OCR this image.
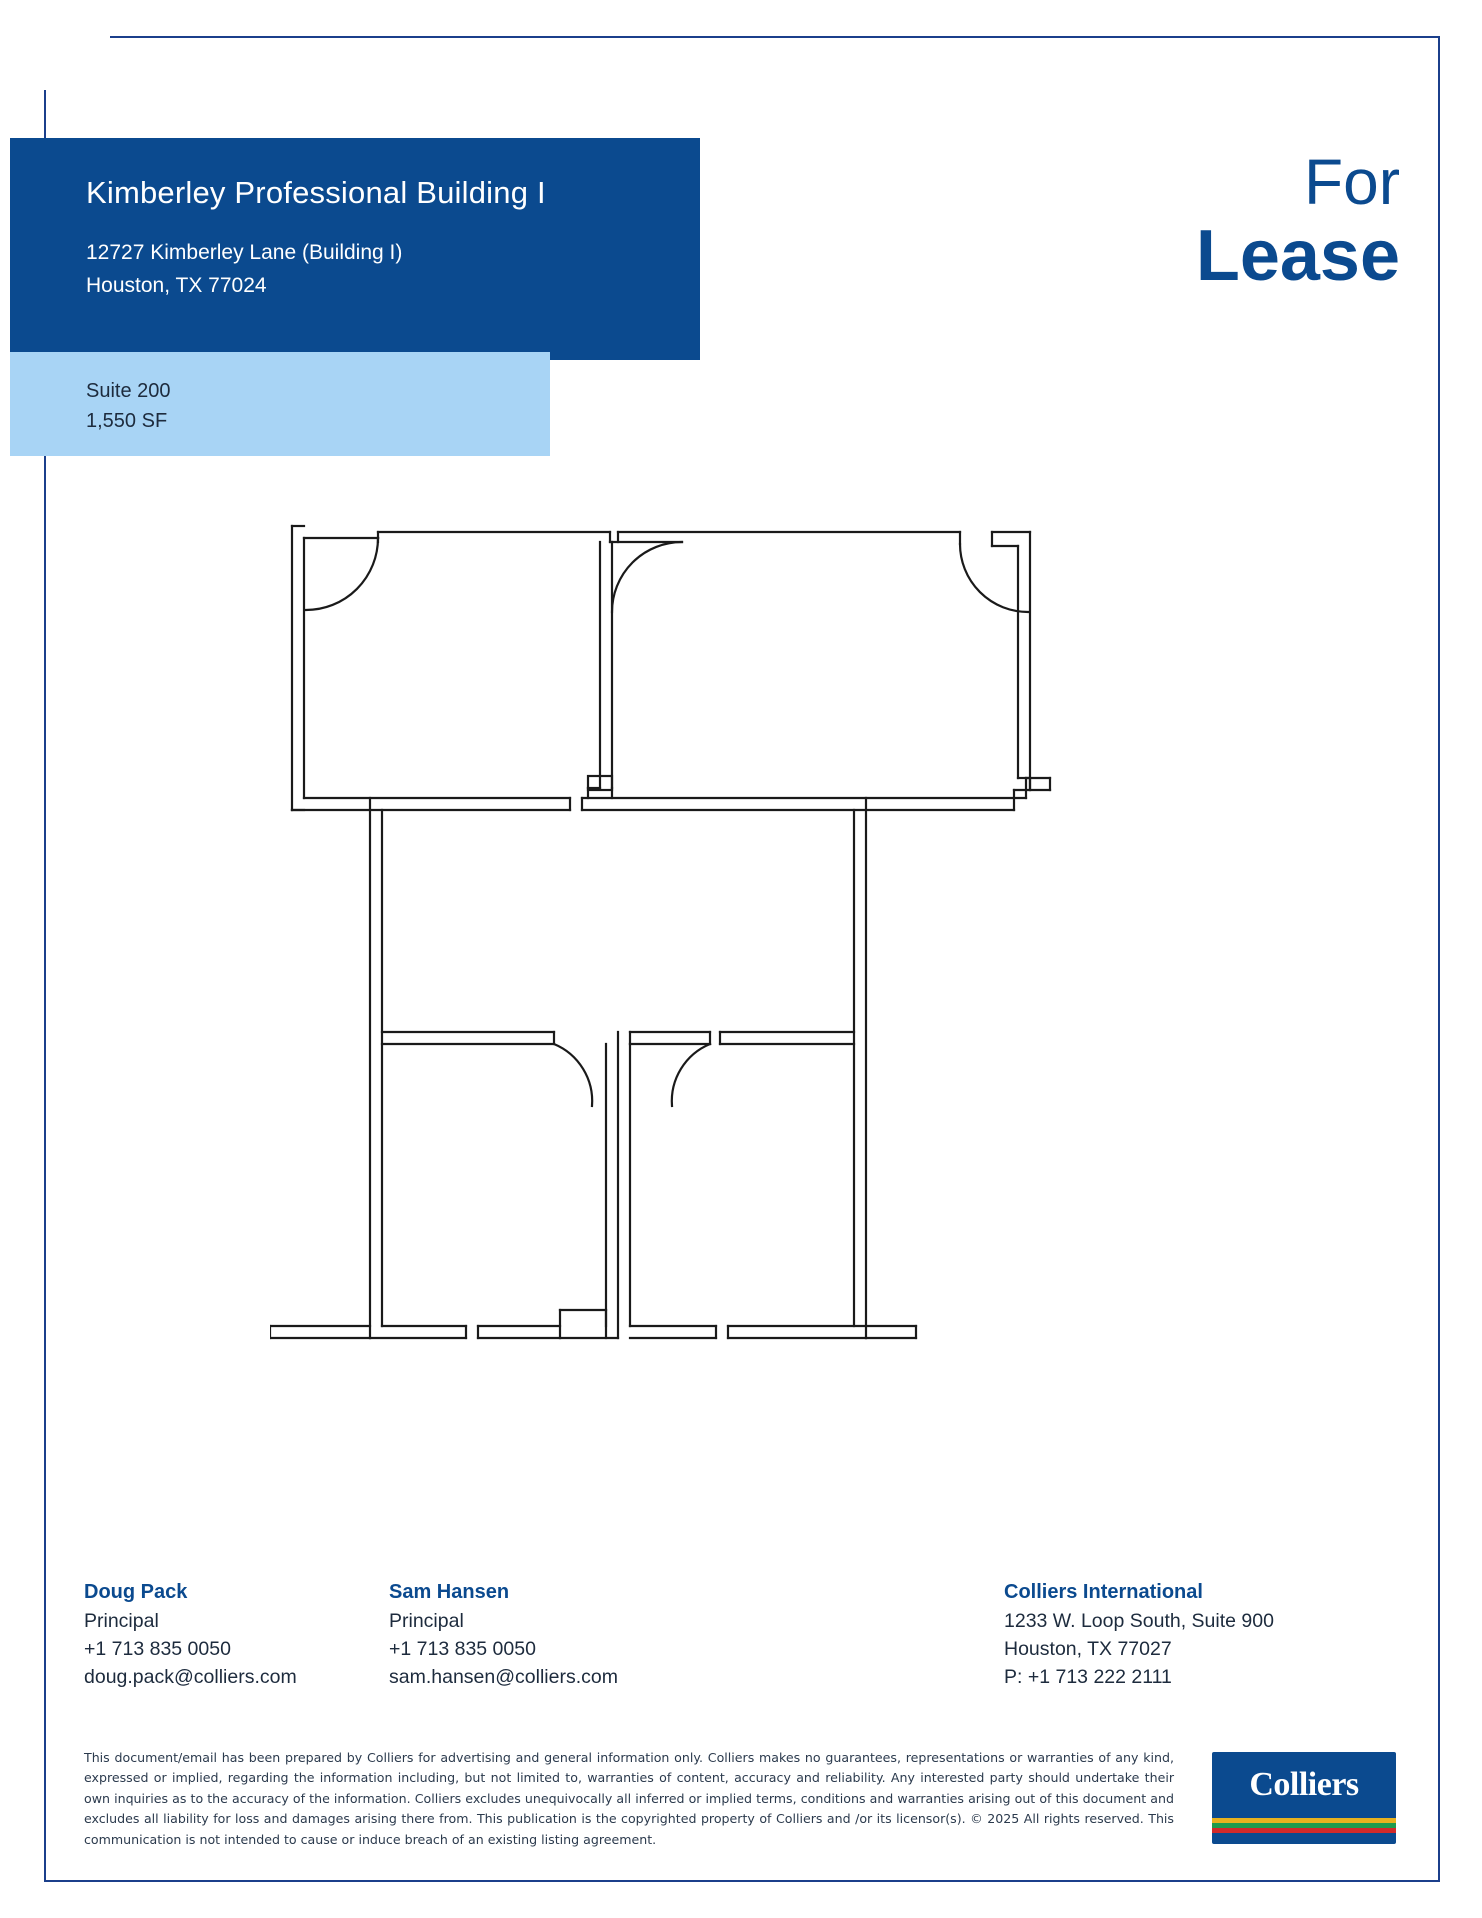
Kimberley Professional Building I
12727 Kimberley Lane (Building I)
Houston, TX 77024
Suite 200
1,550 SF
For
Lease
Doug Pack
Principal
+1 713 835 0050
doug.pack@colliers.com
Sam Hansen
Principal
+1 713 835 0050
sam.hansen@colliers.com
Colliers International
1233 W. Loop South, Suite 900
Houston, TX 77027
P: +1 713 222 2111
This document/email has been prepared by Colliers for advertising and general information only. Colliers makes no guarantees, representations or warranties of any kind, expressed or implied, regarding the information including, but not limited to, warranties of content, accuracy and reliability. Any interested party should undertake their own inquiries as to the accuracy of the information. Colliers excludes unequivocally all inferred or implied terms, conditions and warranties arising out of this document and excludes all liability for loss and damages arising there from. This publication is the copyrighted property of Colliers and /or its licensor(s). © 2025 All rights reserved. This communication is not intended to cause or induce breach of an existing listing agreement.
Colliers
